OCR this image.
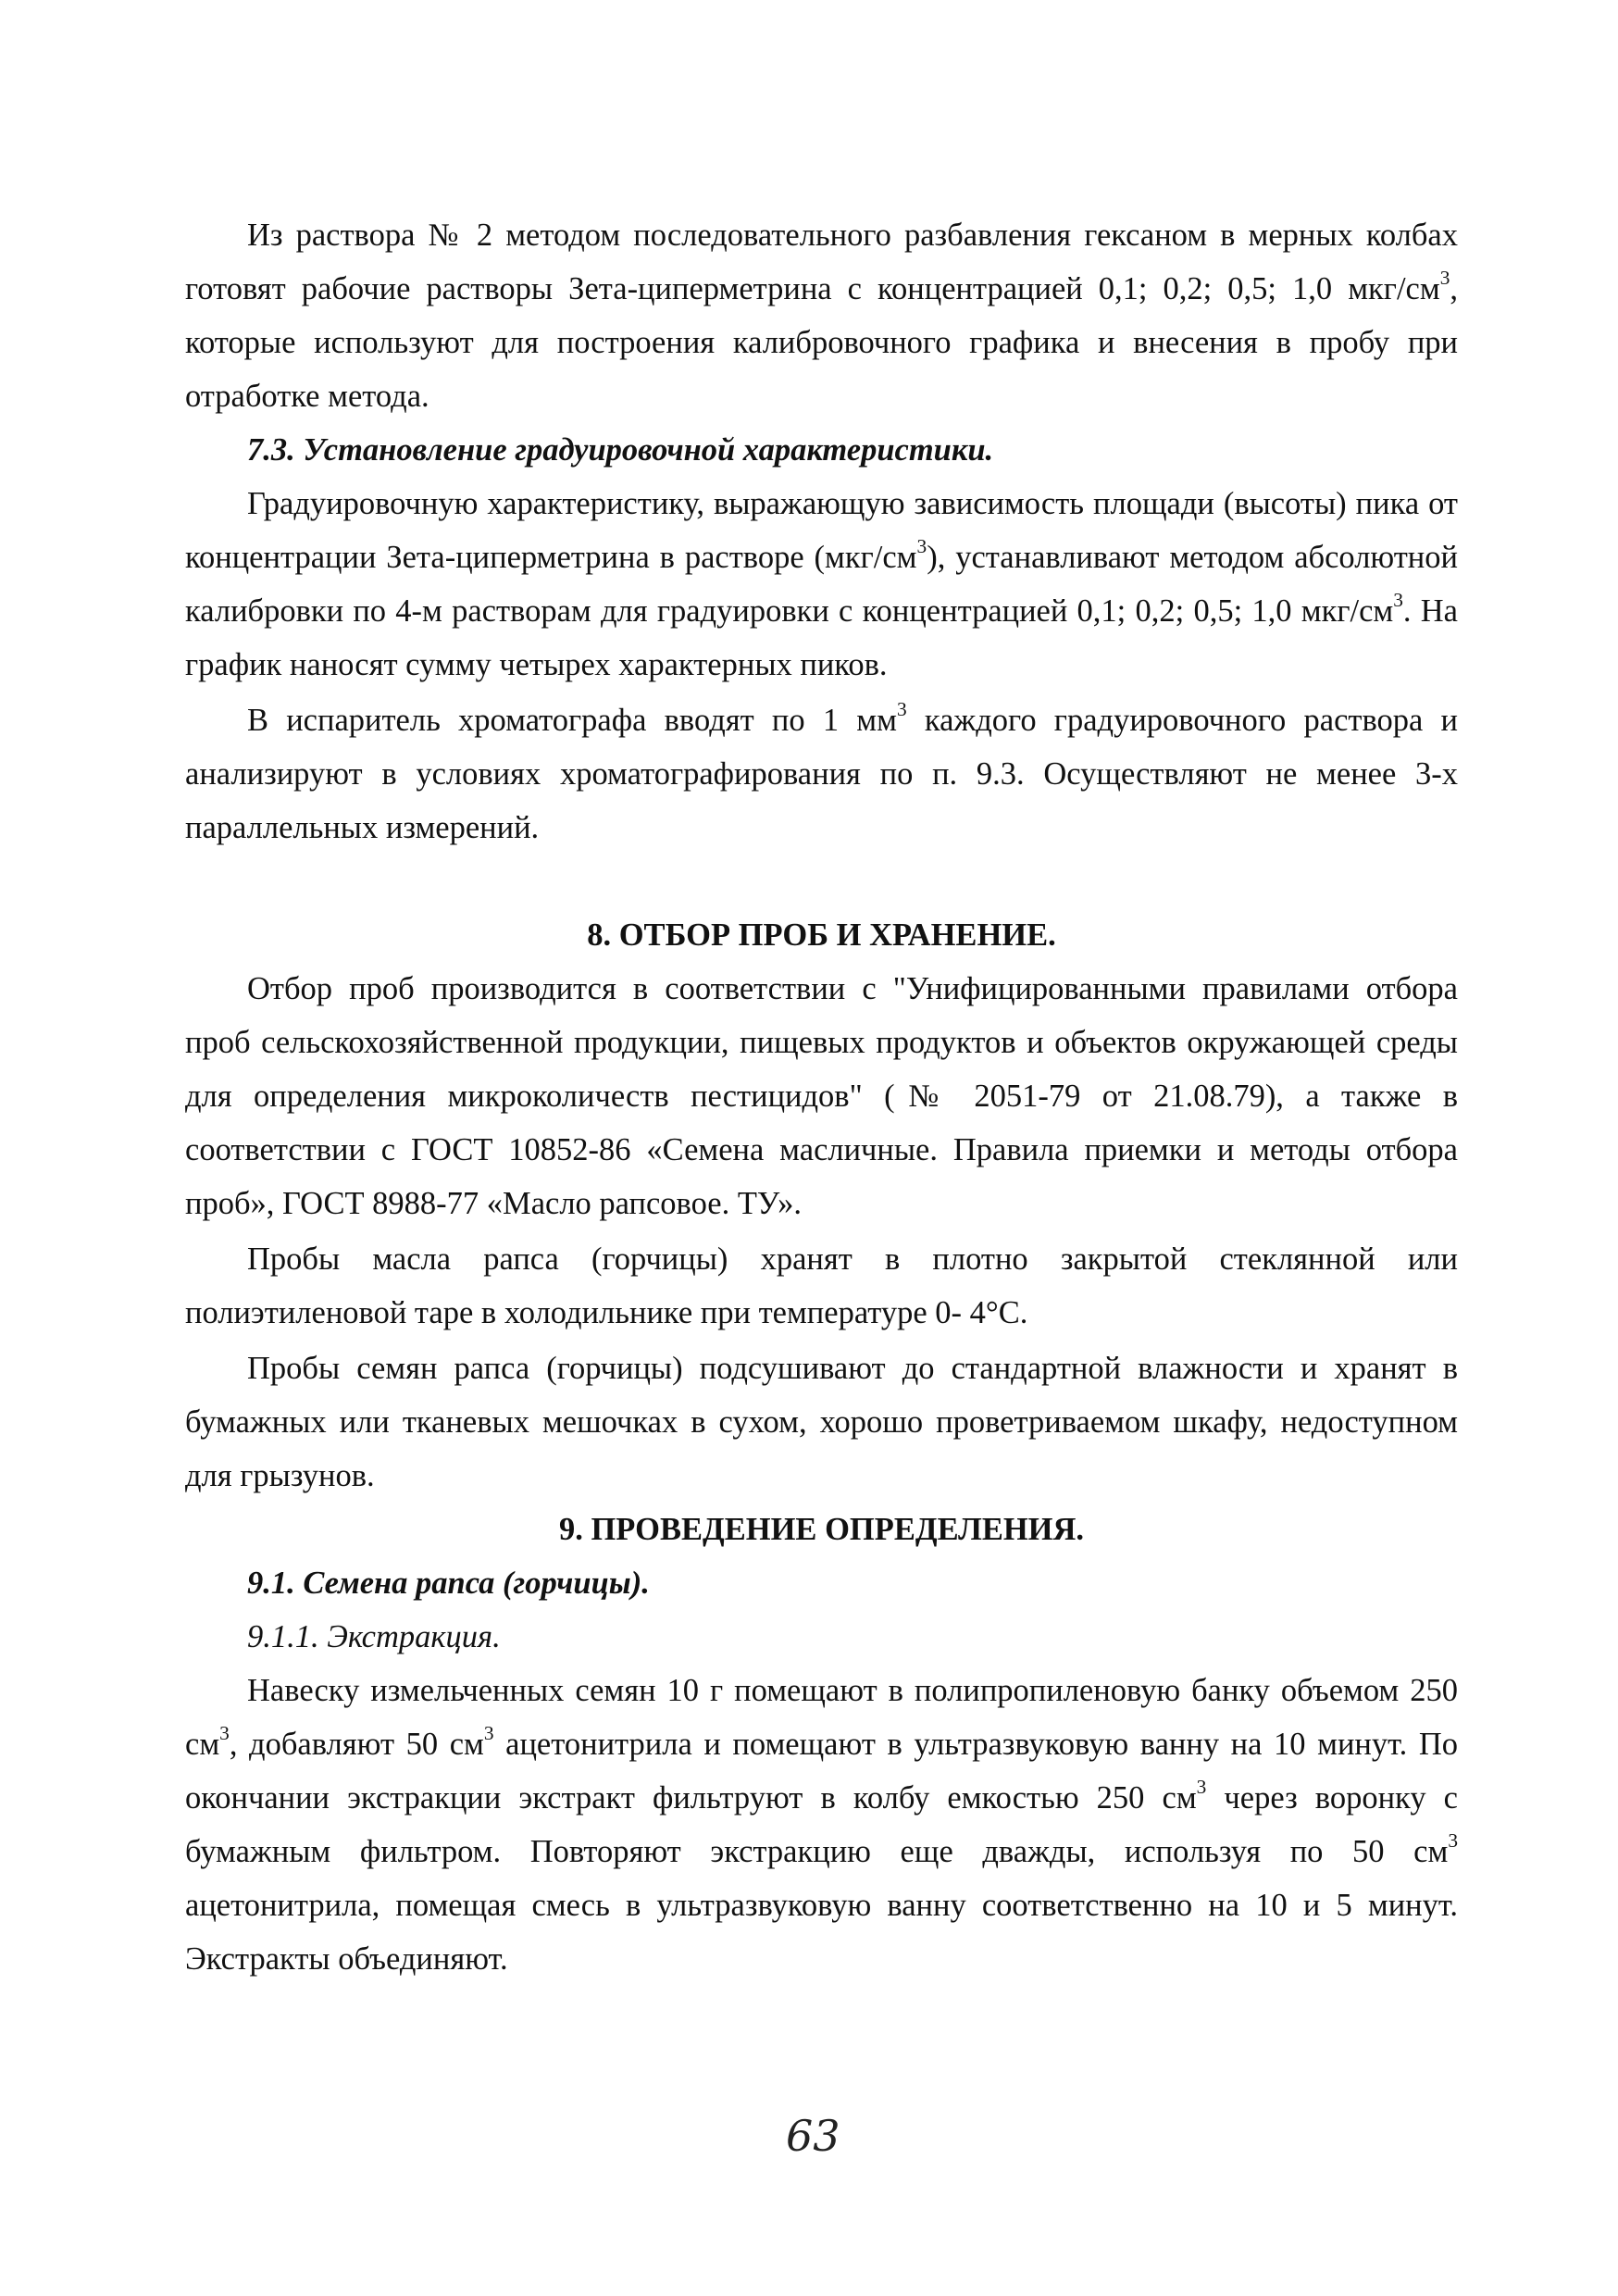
Из раствора № 2 методом последовательного разбавления гексаном в мерных колбах готовят рабочие растворы Зета-циперметрина с концентрацией 0,1; 0,2; 0,5; 1,0 мкг/$см^3$, которые используют для построения калибровочного графика и внесения в пробу при отработке метода.

7.3. Установление градуировочной характеристики.

Градуировочную характеристику, выражающую зависимость площади (высоты) пика от концентрации Зета-циперметрина в растворе $(мкг/см^3)$, устанавливают методом абсолютной калибровки по 4-м растворам для градуировки с концентрацией 0,1; 0,2; 0,5; 1,0 мкг/$см^3$. На график наносят сумму четырех характерных пиков.

В испаритель хроматографа вводят по 1 $мм^3$ каждого градуировочного раствора и анализируют в условиях хроматографирования по п. 9.3. Осуществляют не менее 3-х параллельных измерений.

8. ОТБОР ПРОБ И ХРАНЕНИЕ.

Отбор проб производится в соответствии с "Унифицированными правилами отбора проб сельскохозяйственной продукции, пищевых продуктов и объектов окружающей среды для определения микроколичеств пестицидов" (№ 2051-79 от 21.08.79), а также в соответствии с ГОСТ 10852-86 «Семена масличные. Правила приемки и методы отбора проб», ГОСТ 8988-77 «Масло рапсовое. ТУ».

Пробы масла рапса (горчицы) хранят в плотно закрытой стеклянной или полиэтиленовой таре в холодильнике при температуре 0- 4°С.

Пробы семян рапса (горчицы) подсушивают до стандартной влажности и хранят в бумажных или тканевых мешочках в сухом, хорошо проветриваемом шкафу, недоступном для грызунов.

9. ПРОВЕДЕНИЕ ОПРЕДЕЛЕНИЯ.

9.1. Семена рапса (горчицы).

9.1.1. Экстракция.

Навеску измельченных семян 10 г помещают в полипропиленовую банку объемом 250 $см^3$, добавляют 50 $см^3$ ацетонитрила и помещают в ультразвуковую ванну на 10 минут. По окончании экстракции экстракт фильтруют в колбу емкостью 250 $см^3$ через воронку с бумажным фильтром. Повторяют экстракцию еще дважды, используя по 50 $см^3$ ацетонитрила, помещая смесь в ультразвуковую ванну соответственно на 10 и 5 минут. Экстракты объединяют.

63
